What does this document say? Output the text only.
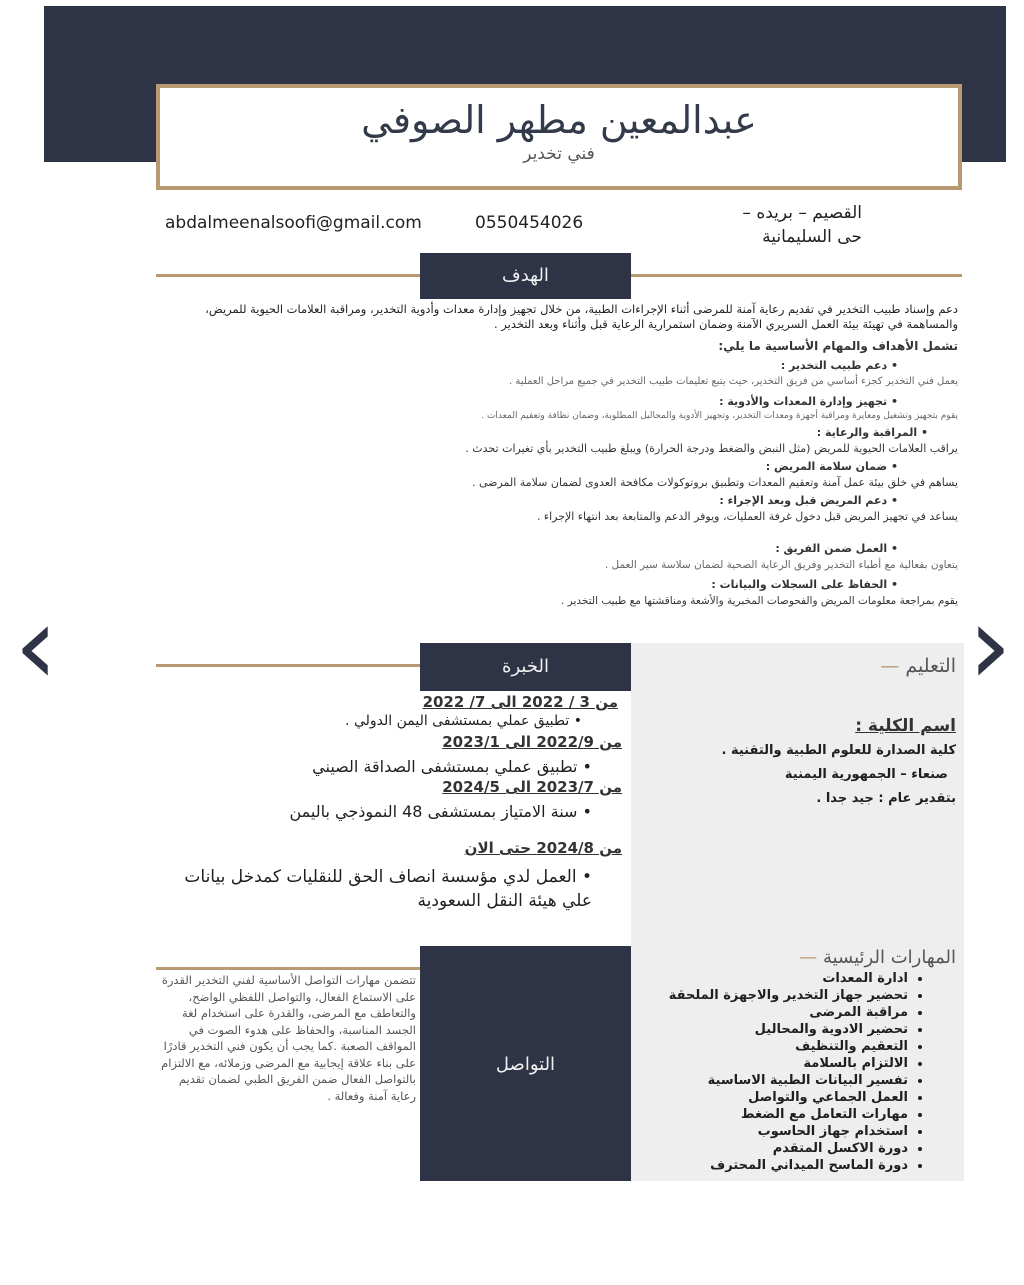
عبدالمعين مطهر الصوفي
فني تخدير
abdalmeenalsoofi@gmail.com	0550454026	القصيم – بريده –
حى السليمانية
الهدف
دعم وإسناد طبيب التخدير في تقديم رعاية آمنة للمرضى أثناء الإجراءات الطبية، من خلال تجهيز وإدارة معدات وأدوية التخدير، ومراقبة العلامات الحيوية للمريض، والمساهمة في تهيئة بيئة العمل السريري الآمنة وضمان استمرارية الرعاية قبل وأثناء وبعد التخدير .
تشمل الأهداف والمهام الأساسية ما يلي:
• دعم طبيب التخدير :
يعمل فني التخدير كجزء أساسي من فريق التخدير، حيث يتبع تعليمات طبيب التخدير في جميع مراحل العملية .
• تجهيز وإدارة المعدات والأدوية :
يقوم بتجهيز وتشغيل ومعايرة ومراقبة أجهزة ومعدات التخدير، وتجهيز الأدوية والمحاليل المطلوبة، وضمان نظافة وتعقيم المعدات .
• المراقبة والرعاية :
يراقب العلامات الحيوية للمريض (مثل النبض والضغط ودرجة الحرارة) ويبلغ طبيب التخدير بأي تغيرات تحدث .
• ضمان سلامة المريض :
يساهم في خلق بيئة عمل آمنة وتعقيم المعدات وتطبيق بروتوكولات مكافحة العدوى لضمان سلامة المرضى .
• دعم المريض قبل وبعد الإجراء :
يساعد في تجهيز المريض قبل دخول غرفة العمليات، ويوفر الدعم والمتابعة بعد انتهاء الإجراء .
• العمل ضمن الفريق :
يتعاون بفعالية مع أطباء التخدير وفريق الرعاية الصحية لضمان سلاسة سير العمل .
• الحفاظ على السجلات والبيانات :
يقوم بمراجعة معلومات المريض والفحوصات المخبرية والأشعة ومناقشتها مع طبيب التخدير .
الخبرة
من 3 / 2022 الى 7/ 2022
• تطبيق عملي بمستشفى اليمن الدولي .
من 2022/9 الى 2023/1
• تطبيق عملي بمستشفى الصداقة الصيني
من 2023/7 الى 2024/5
• سنة الامتياز بمستشفى 48 النموذجي باليمن
من 2024/8 حتى الان
• العمل لدي مؤسسة انصاف الحق للنقليات كمدخل بيانات علي هيئة النقل السعودية
التعليم —
اسم الكلية :
كلية الصدارة للعلوم الطبية والتقنية .
صنعاء – الجمهورية اليمنية
بتقدير عام : جيد جدا .
المهارات الرئيسية —
• ادارة المعدات
• تحضير جهاز التخدير والاجهزة الملحقة
• مراقبة المرضى
• تحضير الادوية والمحاليل
• التعقيم والتنظيف
• الالتزام بالسلامة
• تفسير البيانات الطبية الاساسية
• العمل الجماعي والتواصل
• مهارات التعامل مع الضغط
• استخدام جهاز الحاسوب
• دورة الاكسل المتقدم
• دورة الماسح الميداني المحترف
التواصل
تتضمن مهارات التواصل الأساسية لفني التخدير القدرة على الاستماع الفعال، والتواصل اللفظي الواضح، والتعاطف مع المرضى، والقدرة على استخدام لغة الجسد المناسبة، والحفاظ على هدوء الصوت في المواقف الصعبة .كما يجب أن يكون فني التخدير قادرًا على بناء علاقة إيجابية مع المرضى وزملائه، مع الالتزام بالتواصل الفعال ضمن الفريق الطبي لضمان تقديم رعاية آمنة وفعالة .
‹	›
